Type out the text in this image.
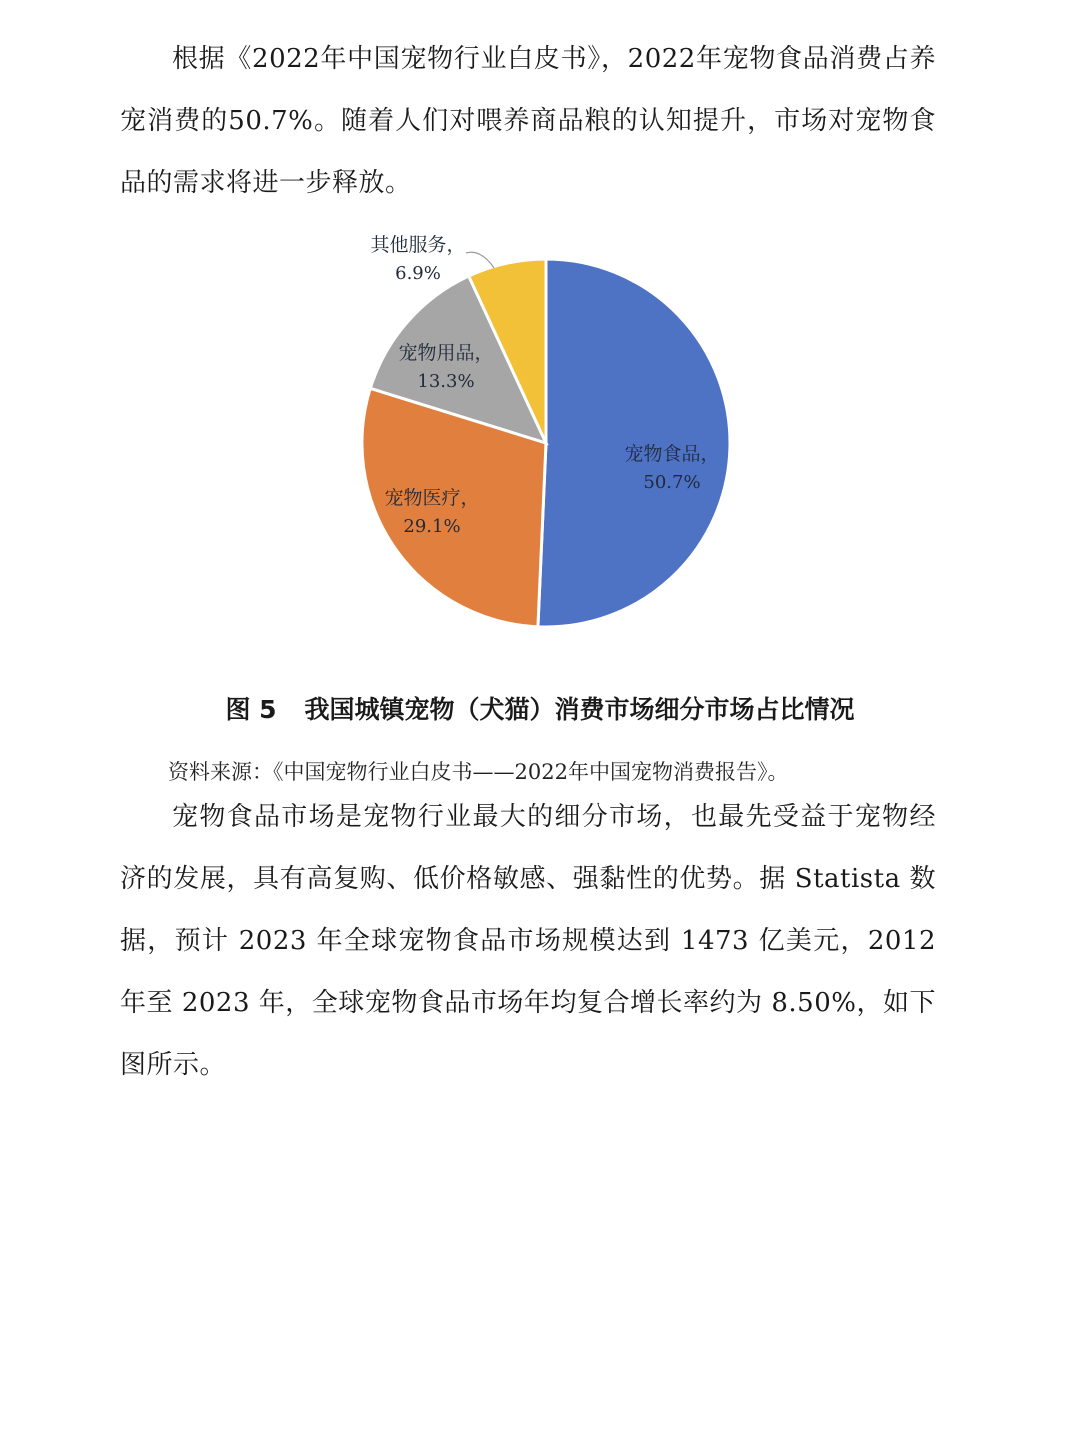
根据《2022年中国宠物行业白皮书》，2022年宠物食品消费占养宠消费的50.7%。随着人们对喂养商品粮的认知提升，市场对宠物食品的需求将进一步释放。

宠物食品，
50.7%
宠物医疗，
29.1%
宠物用品，
13.3%
其他服务，
6.9%

图 5 我国城镇宠物（犬猫）消费市场细分市场占比情况

资料来源：《中国宠物行业白皮书——2022年中国宠物消费报告》。

宠物食品市场是宠物行业最大的细分市场，也最先受益于宠物经济的发展，具有高复购、低价格敏感、强黏性的优势。据 Statista 数据，预计 2023 年全球宠物食品市场规模达到 1473 亿美元，2012 年至 2023 年，全球宠物食品市场年均复合增长率约为 8.50%，如下图所示。
